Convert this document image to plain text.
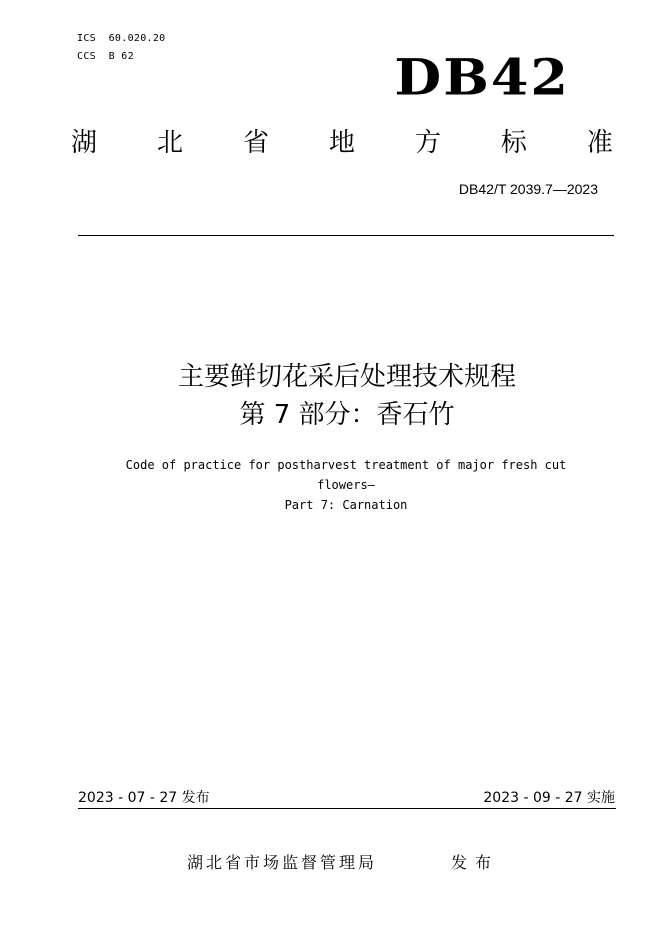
ICS  60.020.20
CCS  B 62	DB42
湖 北 省 地 方 标 准
DB42/T 2039.7—2023
主要鲜切花采后处理技术规程
第 7 部分：香石竹
Code of practice for postharvest treatment of major fresh cut
flowers—
Part 7: Carnation
2023 - 07 - 27 发布	2023 - 09 - 27 实施
湖北省市场监督管理局	发布
